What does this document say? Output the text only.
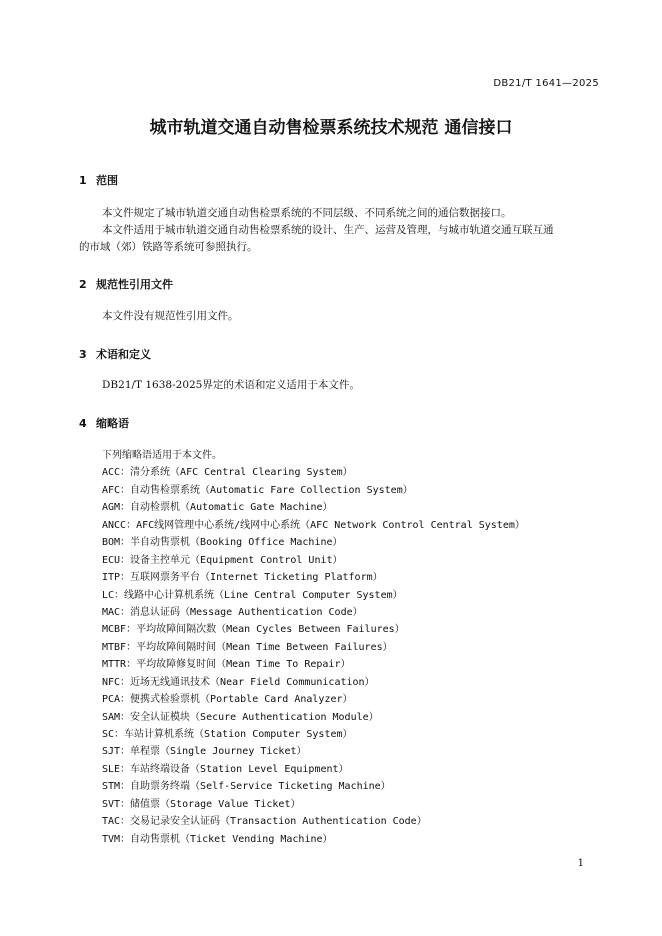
DB21/T 1641—2025
城市轨道交通自动售检票系统技术规范 通信接口
1 范围
本文件规定了城市轨道交通自动售检票系统的不同层级、不同系统之间的通信数据接口。
本文件适用于城市轨道交通自动售检票系统的设计、生产、运营及管理，与城市轨道交通互联互通
的市域（郊）铁路等系统可参照执行。
2 规范性引用文件
本文件没有规范性引用文件。
3 术语和定义
DB21/T 1638-2025界定的术语和定义适用于本文件。
4 缩略语
下列缩略语适用于本文件。
ACC：清分系统（AFC Central Clearing System）
AFC：自动售检票系统（Automatic Fare Collection System）
AGM：自动检票机（Automatic Gate Machine）
ANCC：AFC线网管理中心系统/线网中心系统（AFC Network Control Central System）
BOM：半自动售票机（Booking Office Machine）
ECU：设备主控单元（Equipment Control Unit）
ITP：互联网票务平台（Internet Ticketing Platform）
LC：线路中心计算机系统（Line Central Computer System）
MAC：消息认证码（Message Authentication Code）
MCBF：平均故障间隔次数（Mean Cycles Between Failures）
MTBF：平均故障间隔时间（Mean Time Between Failures）
MTTR：平均故障修复时间（Mean Time To Repair）
NFC：近场无线通讯技术（Near Field Communication）
PCA：便携式检验票机（Portable Card Analyzer）
SAM：安全认证模块（Secure Authentication Module）
SC：车站计算机系统（Station Computer System）
SJT：单程票（Single Journey Ticket）
SLE：车站终端设备（Station Level Equipment）
STM：自助票务终端（Self-Service Ticketing Machine）
SVT：储值票（Storage Value Ticket）
TAC：交易记录安全认证码（Transaction Authentication Code）
TVM：自动售票机（Ticket Vending Machine）
1
